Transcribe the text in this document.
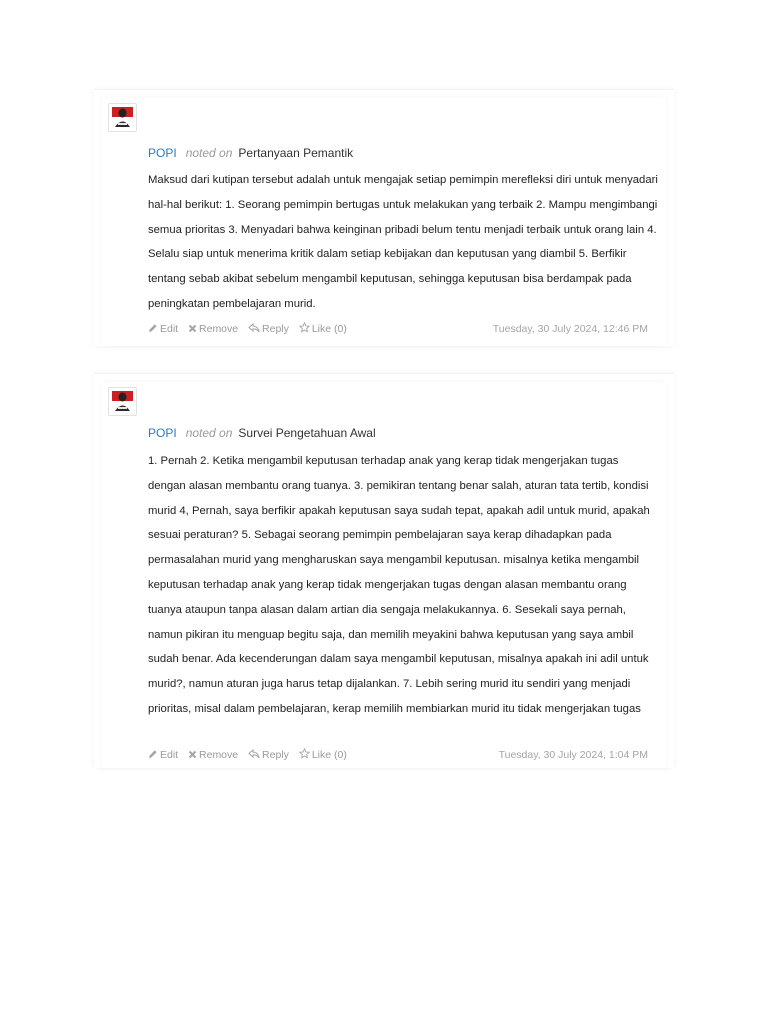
POPI noted on Pertanyaan Pemantik

Maksud dari kutipan tersebut adalah untuk mengajak setiap pemimpin merefleksi diri untuk menyadari hal-hal berikut: 1. Seorang pemimpin bertugas untuk melakukan yang terbaik 2. Mampu mengimbangi semua prioritas 3. Menyadari bahwa keinginan pribadi belum tentu menjadi terbaik untuk orang lain 4. Selalu siap untuk menerima kritik dalam setiap kebijakan dan keputusan yang diambil 5. Berfikir tentang sebab akibat sebelum mengambil keputusan, sehingga keputusan bisa berdampak pada peningkatan pembelajaran murid.

Edit Remove Reply Like (0)	Tuesday, 30 July 2024, 12:46 PM
POPI noted on Survei Pengetahuan Awal

1. Pernah 2. Ketika mengambil keputusan terhadap anak yang kerap tidak mengerjakan tugas dengan alasan membantu orang tuanya. 3. pemikiran tentang benar salah, aturan tata tertib, kondisi murid 4, Pernah, saya berfikir apakah keputusan saya sudah tepat, apakah adil untuk murid, apakah sesuai peraturan? 5. Sebagai seorang pemimpin pembelajaran saya kerap dihadapkan pada permasalahan murid yang mengharuskan saya mengambil keputusan. misalnya ketika mengambil keputusan terhadap anak yang kerap tidak mengerjakan tugas dengan alasan membantu orang tuanya ataupun tanpa alasan dalam artian dia sengaja melakukannya. 6. Sesekali saya pernah, namun pikiran itu menguap begitu saja, dan memilih meyakini bahwa keputusan yang saya ambil sudah benar. Ada kecenderungan dalam saya mengambil keputusan, misalnya apakah ini adil untuk murid?, namun aturan juga harus tetap dijalankan. 7. Lebih sering murid itu sendiri yang menjadi prioritas, misal dalam pembelajaran, kerap memilih membiarkan murid itu tidak mengerjakan tugas

Edit Remove Reply Like (0)	Tuesday, 30 July 2024, 1:04 PM
